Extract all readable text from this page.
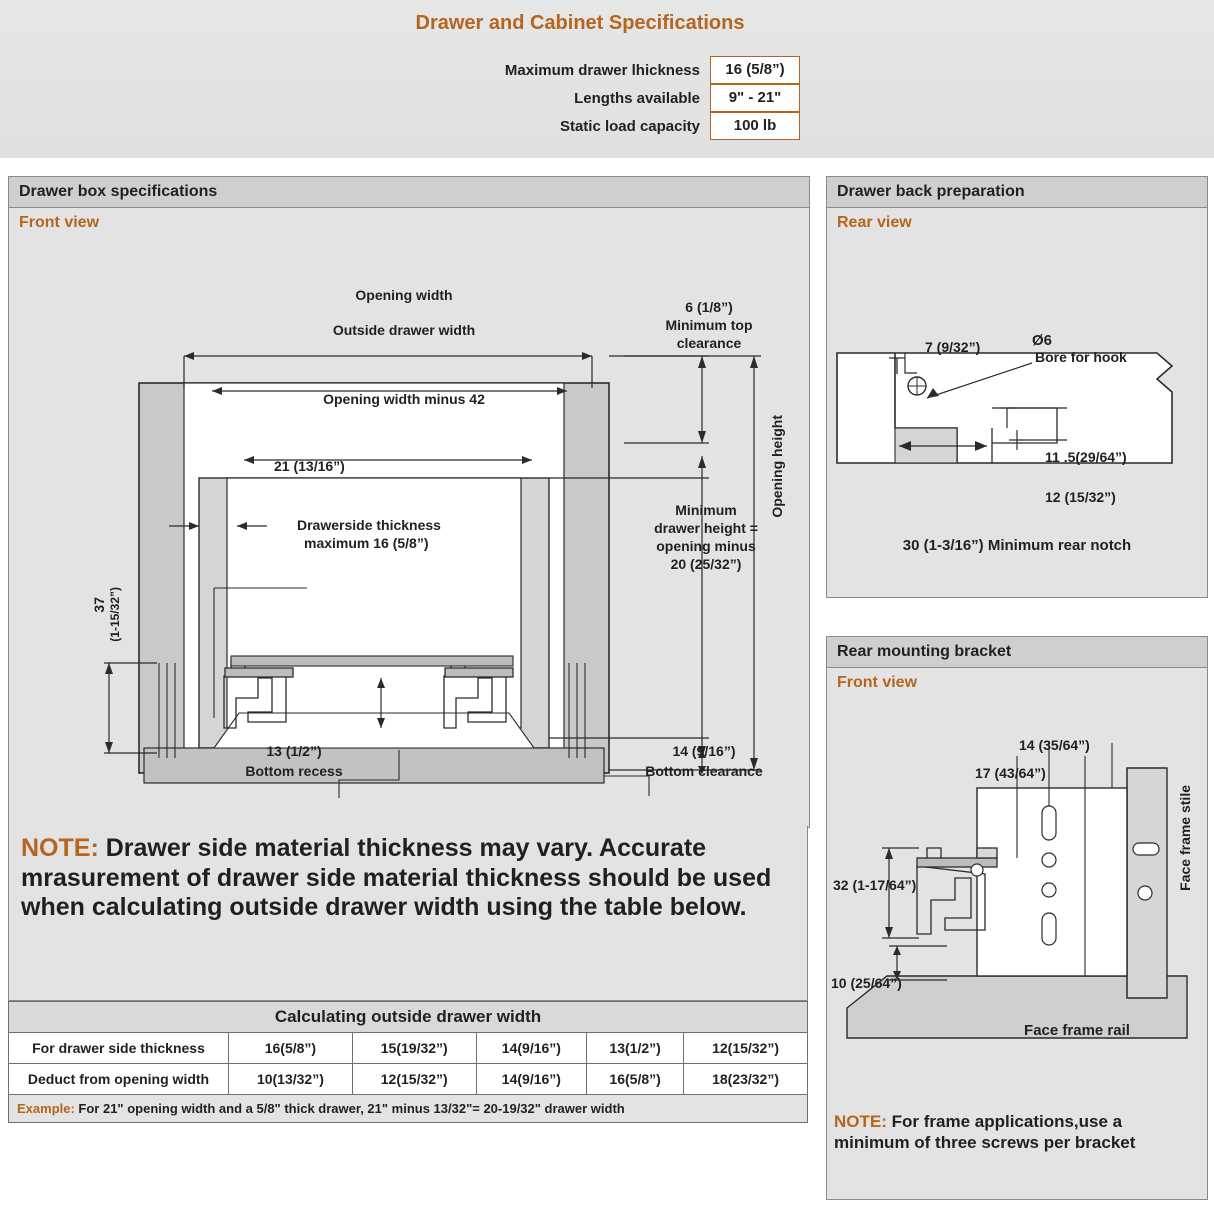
Drawer and Cabinet Specifications
Maximum drawer lhickness	16 (5/8”)
Lengths available	9" - 21"
Static load capacity	100 lb
Drawer box specifications
Front view
Opening width
Outside drawer width
Opening width minus 42
21 (13/16”)
Drawerside thickness
maximum 16 (5/8”)
6 (1/8”)
Minimum top
clearance
Minimum
drawer height =
opening minus
20 (25/32”)
Opening height
37 (1-15/32”)
13 (1/2”)
Bottom recess
14 (9/16”)
Bottom clearance
NOTE: Drawer side material thickness may vary. Accurate mrasurement of drawer side material thickness should be used when calculating outside drawer width using the table below.
Calculating outside drawer width
For drawer side thickness	16(5/8”)	15(19/32”)	14(9/16”)	13(1/2”)	12(15/32”)
Deduct from opening width	10(13/32”)	12(15/32”)	14(9/16”)	16(5/8”)	18(23/32”)
Example: For 21" opening width and a 5/8" thick drawer, 21" minus 13/32"= 20-19/32" drawer width
Drawer back preparation
Rear view
7 (9/32”)	Ø6
Bore for hook
11 .5(29/64”)
12 (15/32”)
30 (1-3/16”) Minimum rear notch
Rear mounting bracket
Front view
14 (35/64”)
17 (43/64”)
32 (1-17/64”)
10 (25/64”)
Face frame stile
Face frame rail
NOTE: For frame applications,use a minimum of three screws per bracket
